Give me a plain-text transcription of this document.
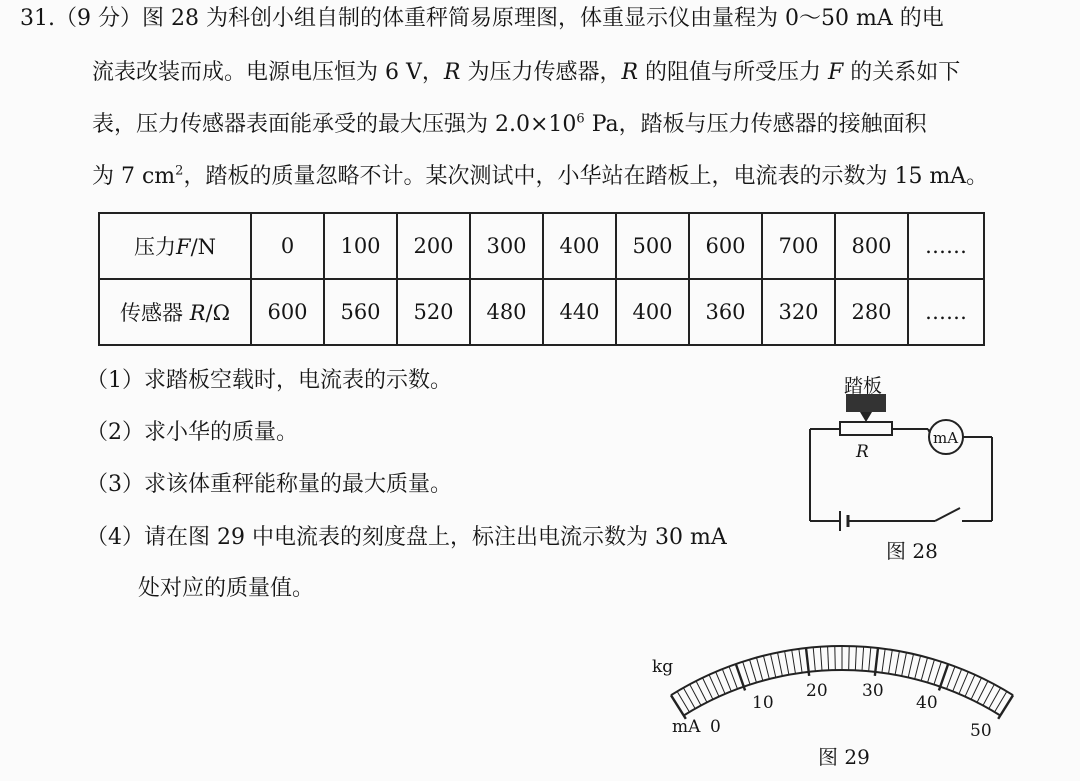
31.（9 分）图 28 为科创小组自制的体重秤简易原理图，体重显示仪由量程为 0～50 mA 的电
流表改装而成。电源电压恒为 6 V，R 为压力传感器，R 的阻值与所受压力 F 的关系如下
表，压力传感器表面能承受的最大压强为 $2.0\times 10^6$ Pa，踏板与压力传感器的接触面积
为 7 $cm^2$，踏板的质量忽略不计。某次测试中，小华站在踏板上，电流表的示数为 15 mA。
压力F/N	0	100	200	300	400	500	600	700	800	……
传感器 R/Ω	600	560	520	480	440	400	360	320	280	……
（1）求踏板空载时，电流表的示数。
（2）求小华的质量。
（3）求该体重秤能称量的最大质量。
（4）请在图 29 中电流表的刻度盘上，标注出电流示数为 30 mA
处对应的质量值。
踏板
R
mA
图 28
kg
mA 0
10
20 30
40
50
图 29
